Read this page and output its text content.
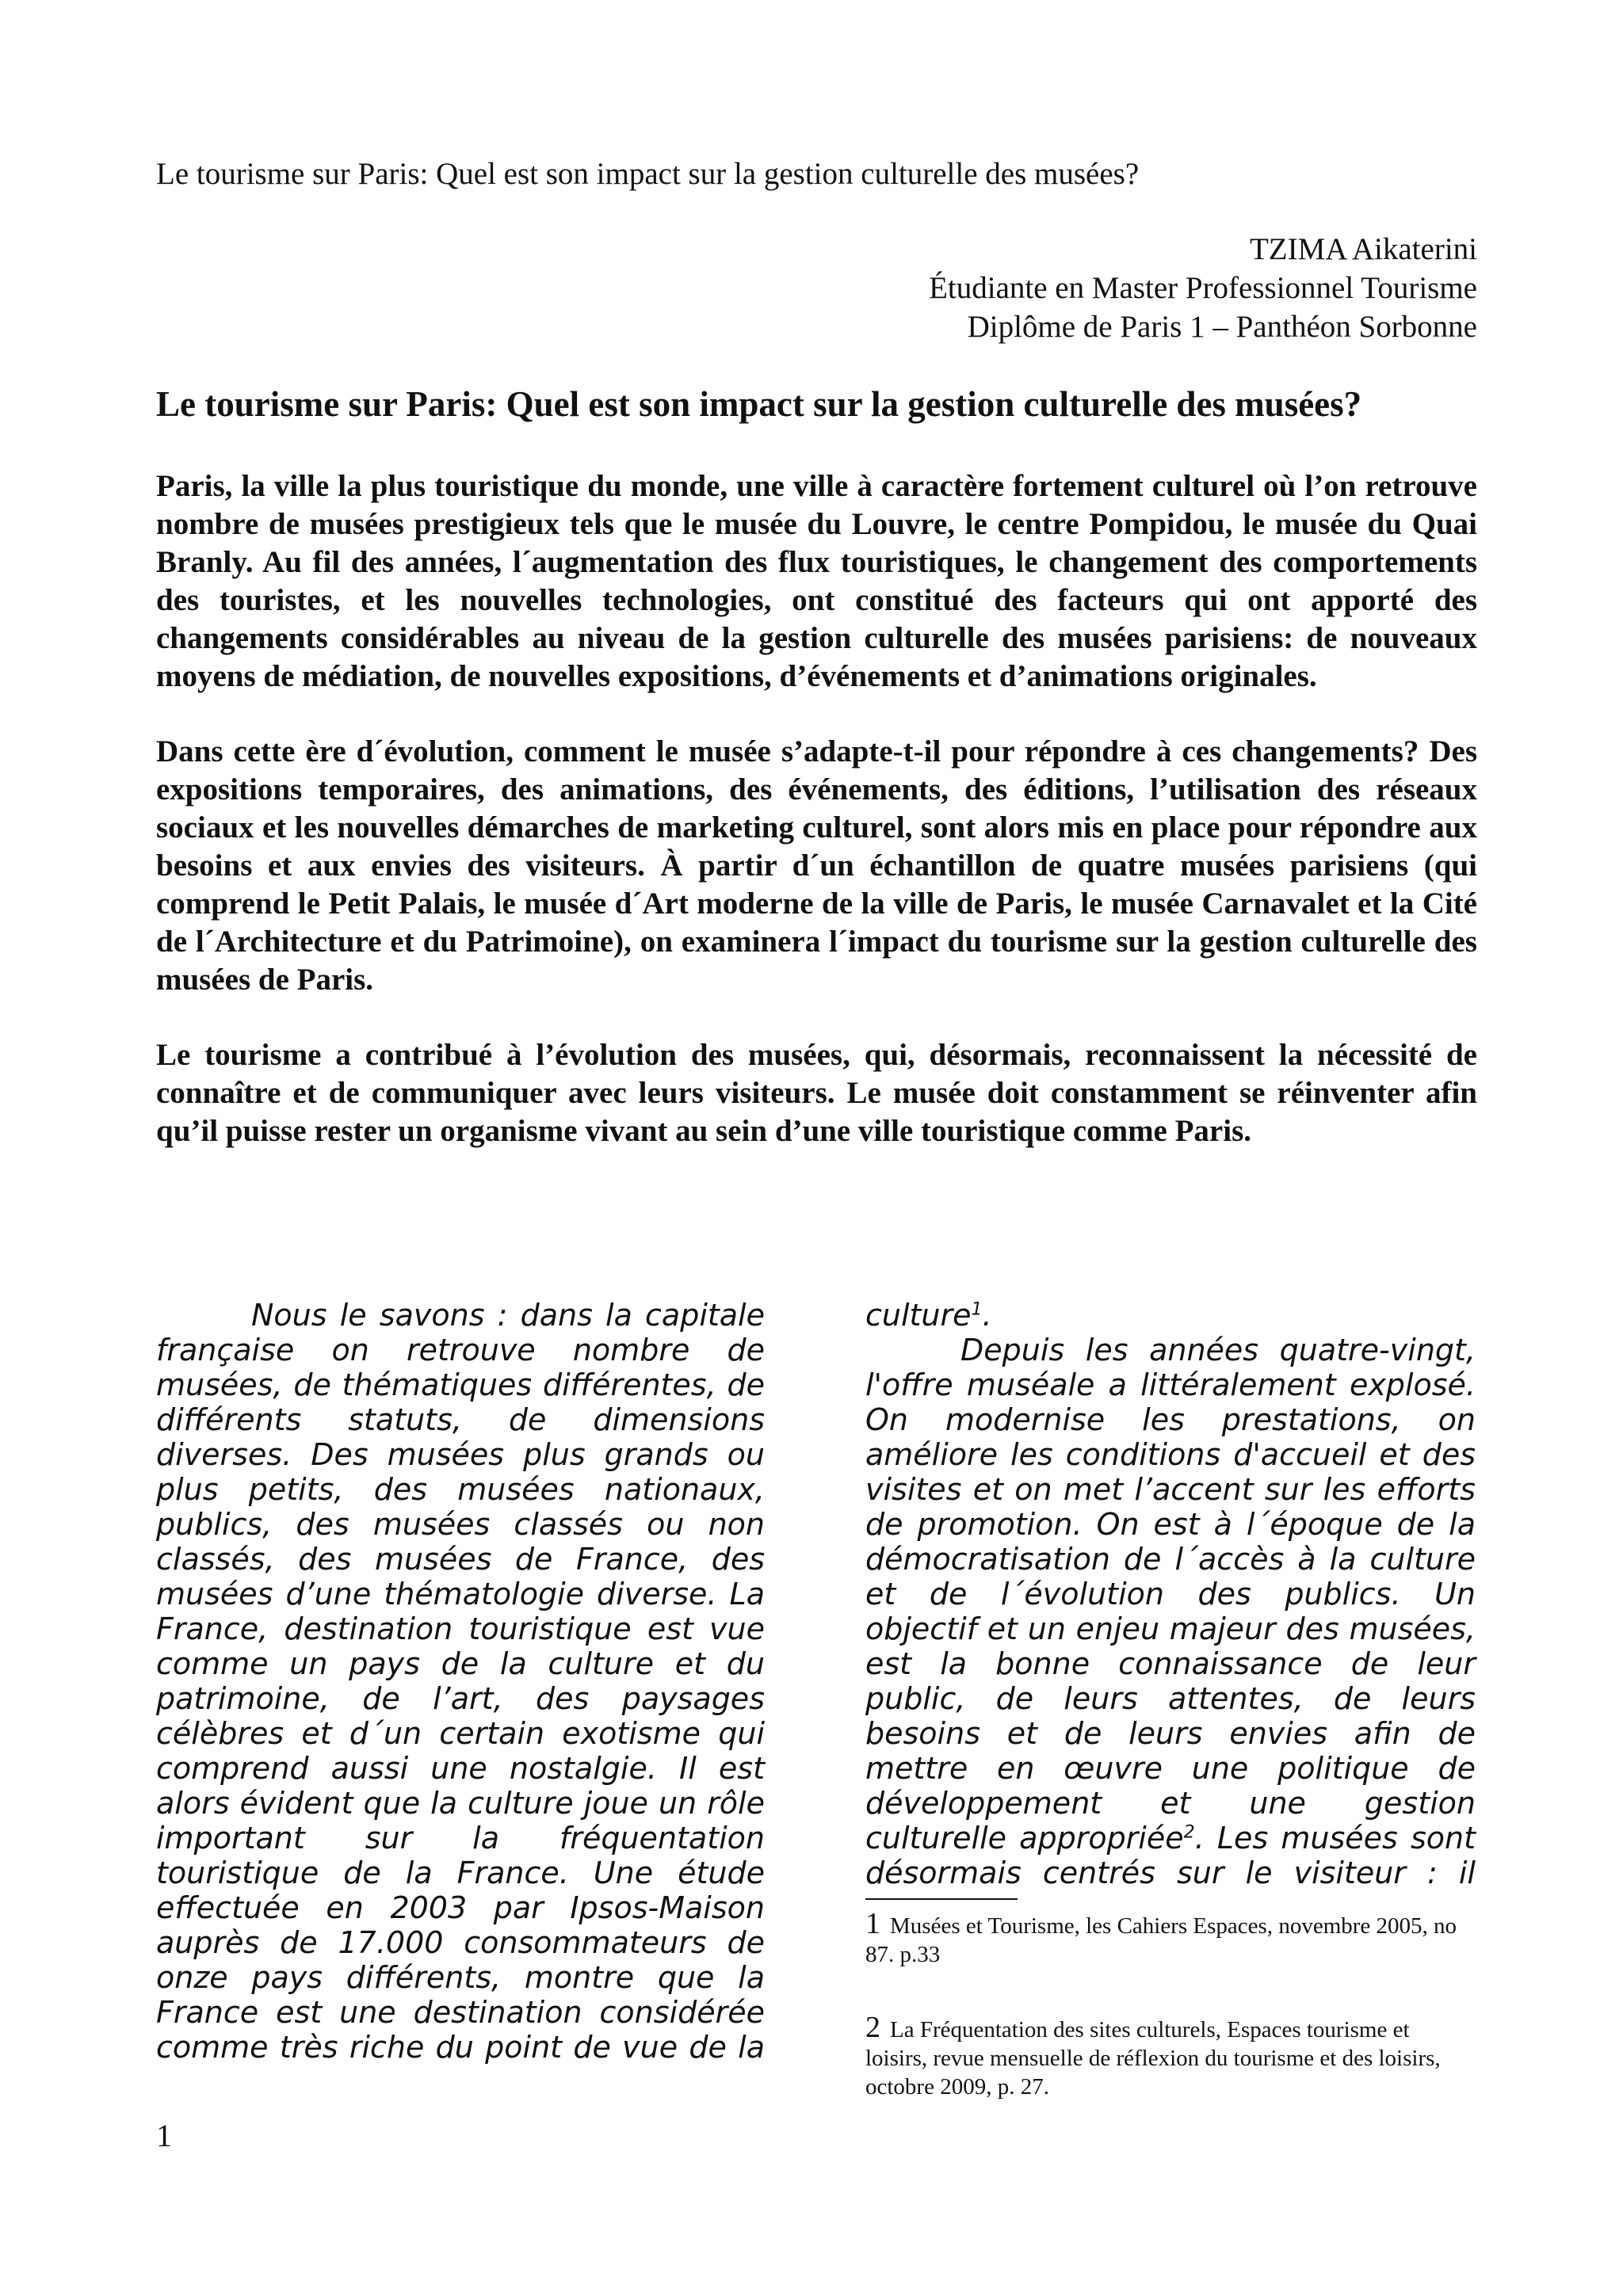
Le tourisme sur Paris: Quel est son impact sur la gestion culturelle des musées?
TZIMA Aikaterini
Étudiante en Master Professionnel Tourisme
Diplôme de Paris 1 – Panthéon Sorbonne
Le tourisme sur Paris: Quel est son impact sur la gestion culturelle des musées?

Paris, la ville la plus touristique du monde, une ville à caractère fortement culturel où l’on retrouve nombre de musées prestigieux tels que le musée du Louvre, le centre Pompidou, le musée du Quai Branly. Au fil des années, l´augmentation des flux touristiques, le changement des comportements des touristes, et les nouvelles technologies, ont constitué des facteurs qui ont apporté des changements considérables au niveau de la gestion culturelle des musées parisiens: de nouveaux moyens de médiation, de nouvelles expositions, d’événements et d’animations originales.

Dans cette ère d´évolution, comment le musée s’adapte-t-il pour répondre à ces changements? Des expositions temporaires, des animations, des événements, des éditions, l’utilisation des réseaux sociaux et les nouvelles démarches de marketing culturel, sont alors mis en place pour répondre aux besoins et aux envies des visiteurs. À partir d´un échantillon de quatre musées parisiens (qui comprend le Petit Palais, le musée d´Art moderne de la ville de Paris, le musée Carnavalet et la Cité de l´Architecture et du Patrimoine), on examinera l´impact du tourisme sur la gestion culturelle des musées de Paris.

Le tourisme a contribué à l’évolution des musées, qui, désormais, reconnaissent la nécessité de connaître et de communiquer avec leurs visiteurs. Le musée doit constamment se réinventer afin qu’il puisse rester un organisme vivant au sein d’une ville touristique comme Paris.

Nous le savons : dans la capitale française on retrouve nombre de musées, de thématiques différentes, de différents statuts, de dimensions diverses. Des musées plus grands ou plus petits, des musées nationaux, publics, des musées classés ou non classés, des musées de France, des musées d’une thématologie diverse. La France, destination touristique est vue comme un pays de la culture et du patrimoine, de l’art, des paysages célèbres et d´un certain exotisme qui comprend aussi une nostalgie. Il est alors évident que la culture joue un rôle important sur la fréquentation touristique de la France. Une étude effectuée en 2003 par Ipsos-Maison auprès de 17.000 consommateurs de onze pays différents, montre que la France est une destination considérée comme très riche du point de vue de la

culture$^1$.

Depuis les années quatre-vingt, l'offre muséale a littéralement explosé. On modernise les prestations, on améliore les conditions d'accueil et des visites et on met l’accent sur les efforts de promotion. On est à l´époque de la démocratisation de l´accès à la culture et de l´évolution des publics. Un objectif et un enjeu majeur des musées, est la bonne connaissance de leur public, de leurs attentes, de leurs besoins et de leurs envies afin de mettre en œuvre une politique de développement et une gestion culturelle appropriée$^2$. Les musées sont désormais centrés sur le visiteur : il

1 Musées et Tourisme, les Cahiers Espaces, novembre 2005, no 87. p.33
2 La Fréquentation des sites culturels, Espaces tourisme et loisirs, revue mensuelle de réflexion du tourisme et des loisirs, octobre 2009, p. 27.
1
